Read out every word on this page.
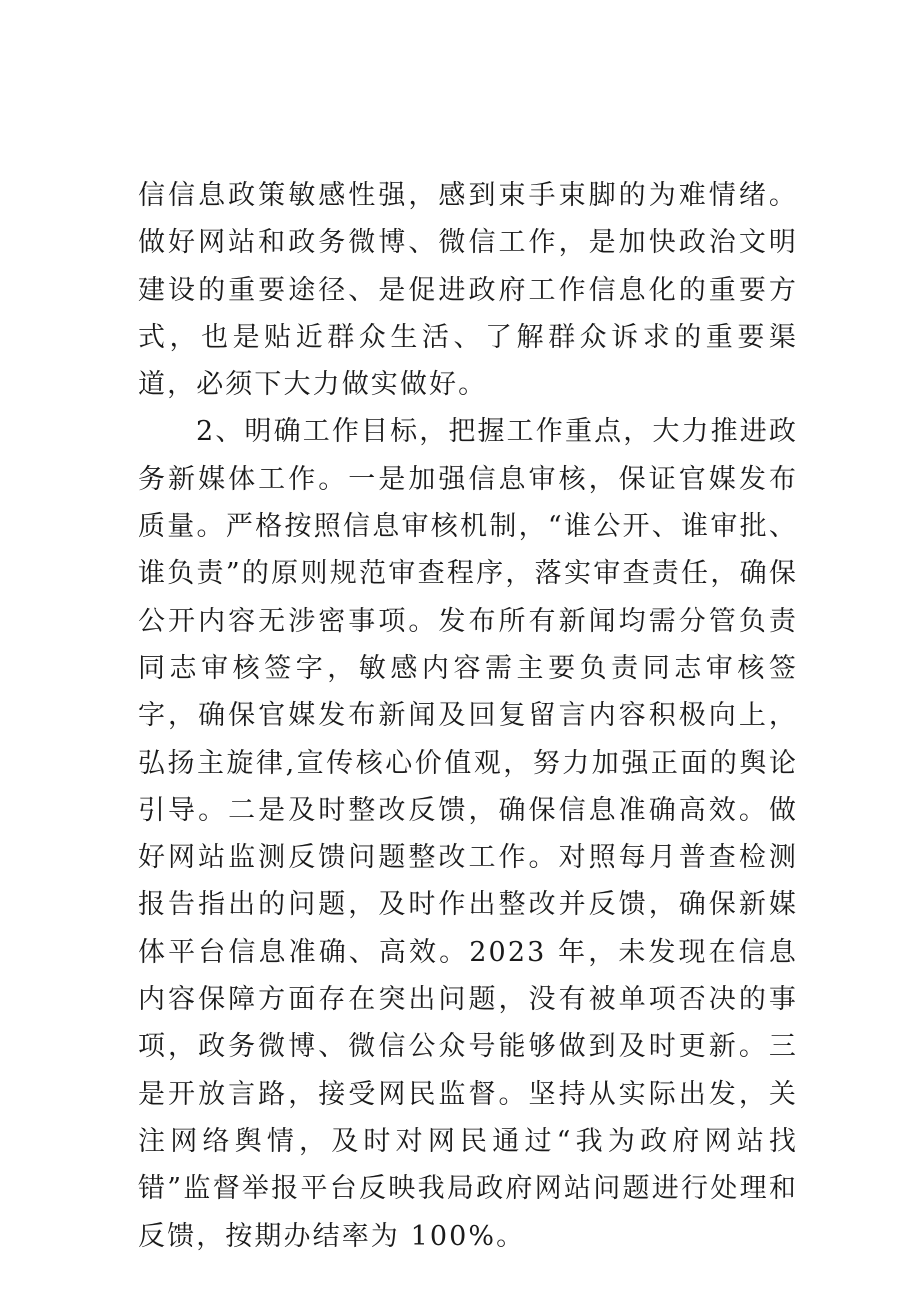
信信息政策敏感性强，感到束手束脚的为难情绪。做好网站和政务微博、微信工作，是加快政治文明建设的重要途径、是促进政府工作信息化的重要方式，也是贴近群众生活、了解群众诉求的重要渠道，必须下大力做实做好。

2、明确工作目标，把握工作重点，大力推进政务新媒体工作。一是加强信息审核，保证官媒发布质量。严格按照信息审核机制，“谁公开、谁审批、谁负责”的原则规范审查程序，落实审查责任，确保公开内容无涉密事项。发布所有新闻均需分管负责同志审核签字，敏感内容需主要负责同志审核签字，确保官媒发布新闻及回复留言内容积极向上，弘扬主旋律,宣传核心价值观，努力加强正面的舆论引导。二是及时整改反馈，确保信息准确高效。做好网站监测反馈问题整改工作。对照每月普查检测报告指出的问题，及时作出整改并反馈，确保新媒体平台信息准确、高效。2023 年，未发现在信息内容保障方面存在突出问题，没有被单项否决的事项，政务微博、微信公众号能够做到及时更新。三是开放言路，接受网民监督。坚持从实际出发，关注网络舆情，及时对网民通过“我为政府网站找错”监督举报平台反映我局政府网站问题进行处理和反馈，按期办结率为 100%。
